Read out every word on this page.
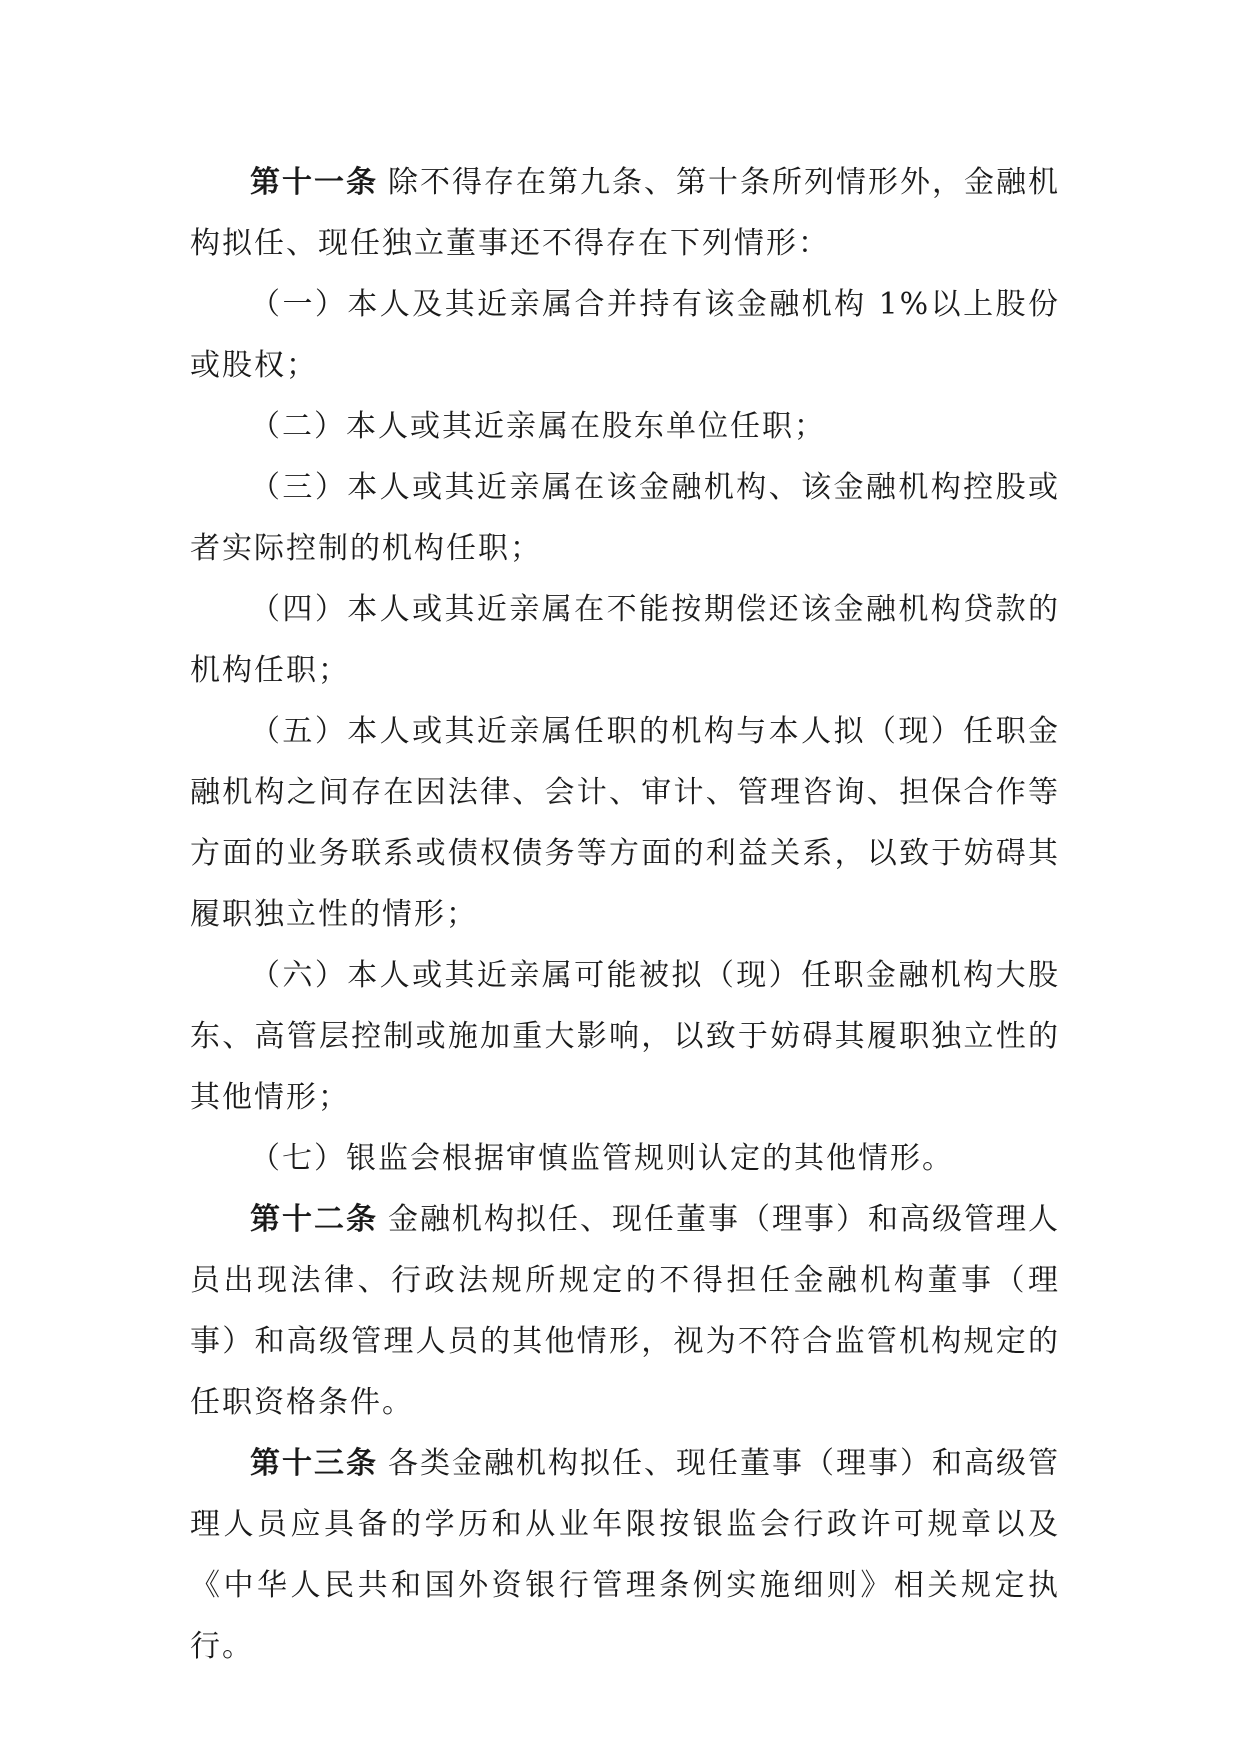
第十一条 除不得存在第九条、第十条所列情形外，金融机构拟任、现任独立董事还不得存在下列情形：

（一）本人及其近亲属合并持有该金融机构 1%以上股份或股权；

（二）本人或其近亲属在股东单位任职；

（三）本人或其近亲属在该金融机构、该金融机构控股或者实际控制的机构任职；

（四）本人或其近亲属在不能按期偿还该金融机构贷款的机构任职；

（五）本人或其近亲属任职的机构与本人拟（现）任职金融机构之间存在因法律、会计、审计、管理咨询、担保合作等方面的业务联系或债权债务等方面的利益关系，以致于妨碍其履职独立性的情形；

（六）本人或其近亲属可能被拟（现）任职金融机构大股东、高管层控制或施加重大影响，以致于妨碍其履职独立性的其他情形；

（七）银监会根据审慎监管规则认定的其他情形。

第十二条 金融机构拟任、现任董事（理事）和高级管理人员出现法律、行政法规所规定的不得担任金融机构董事（理事）和高级管理人员的其他情形，视为不符合监管机构规定的任职资格条件。

第十三条 各类金融机构拟任、现任董事（理事）和高级管理人员应具备的学历和从业年限按银监会行政许可规章以及《中华人民共和国外资银行管理条例实施细则》相关规定执行。
